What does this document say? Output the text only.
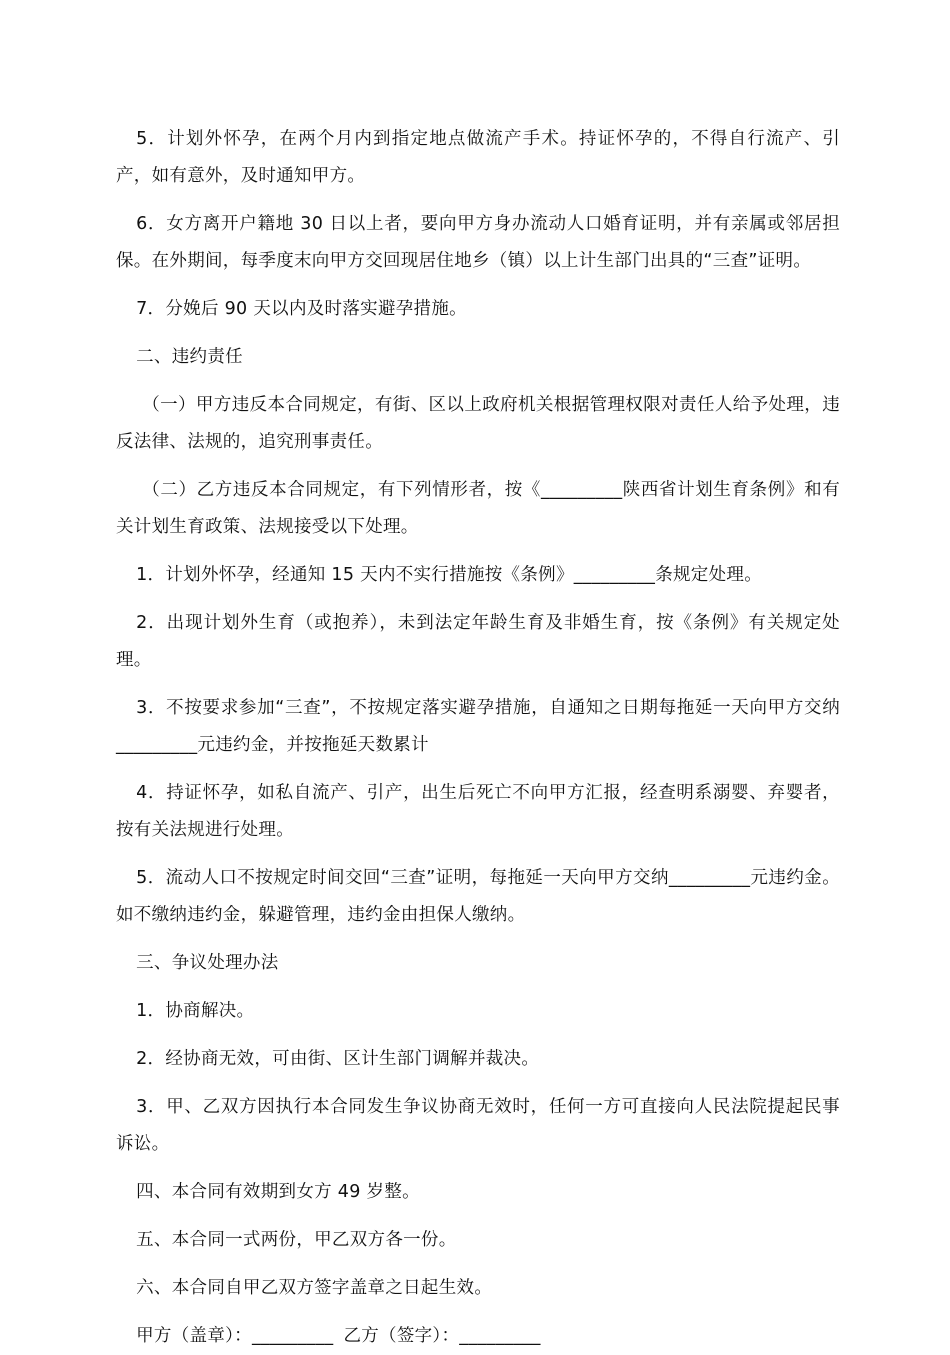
5．计划外怀孕，在两个月内到指定地点做流产手术。持证怀孕的，不得自行流产、引产，如有意外，及时通知甲方。

6．女方离开户籍地 30 日以上者，要向甲方身办流动人口婚育证明，并有亲属或邻居担保。在外期间，每季度末向甲方交回现居住地乡（镇）以上计生部门出具的“三查”证明。

7．分娩后 90 天以内及时落实避孕措施。

二、违约责任

（一）甲方违反本合同规定，有街、区以上政府机关根据管理权限对责任人给予处理，违反法律、法规的，追究刑事责任。

（二）乙方违反本合同规定，有下列情形者，按《_________陕西省计划生育条例》和有关计划生育政策、法规接受以下处理。

1．计划外怀孕，经通知 15 天内不实行措施按《条例》_________条规定处理。

2．出现计划外生育（或抱养），未到法定年龄生育及非婚生育，按《条例》有关规定处理。

3．不按要求参加“三查”，不按规定落实避孕措施，自通知之日期每拖延一天向甲方交纳_________元违约金，并按拖延天数累计

4．持证怀孕，如私自流产、引产，出生后死亡不向甲方汇报，经查明系溺婴、弃婴者，按有关法规进行处理。

5．流动人口不按规定时间交回“三查”证明，每拖延一天向甲方交纳_________元违约金。如不缴纳违约金，躲避管理，违约金由担保人缴纳。

三、争议处理办法

1．协商解决。

2．经协商无效，可由街、区计生部门调解并裁决。

3．甲、乙双方因执行本合同发生争议协商无效时，任何一方可直接向人民法院提起民事诉讼。

四、本合同有效期到女方 49 岁整。

五、本合同一式两份，甲乙双方各一份。

六、本合同自甲乙双方签字盖章之日起生效。

甲方（盖章）：_________ 乙方（签字）：_________
